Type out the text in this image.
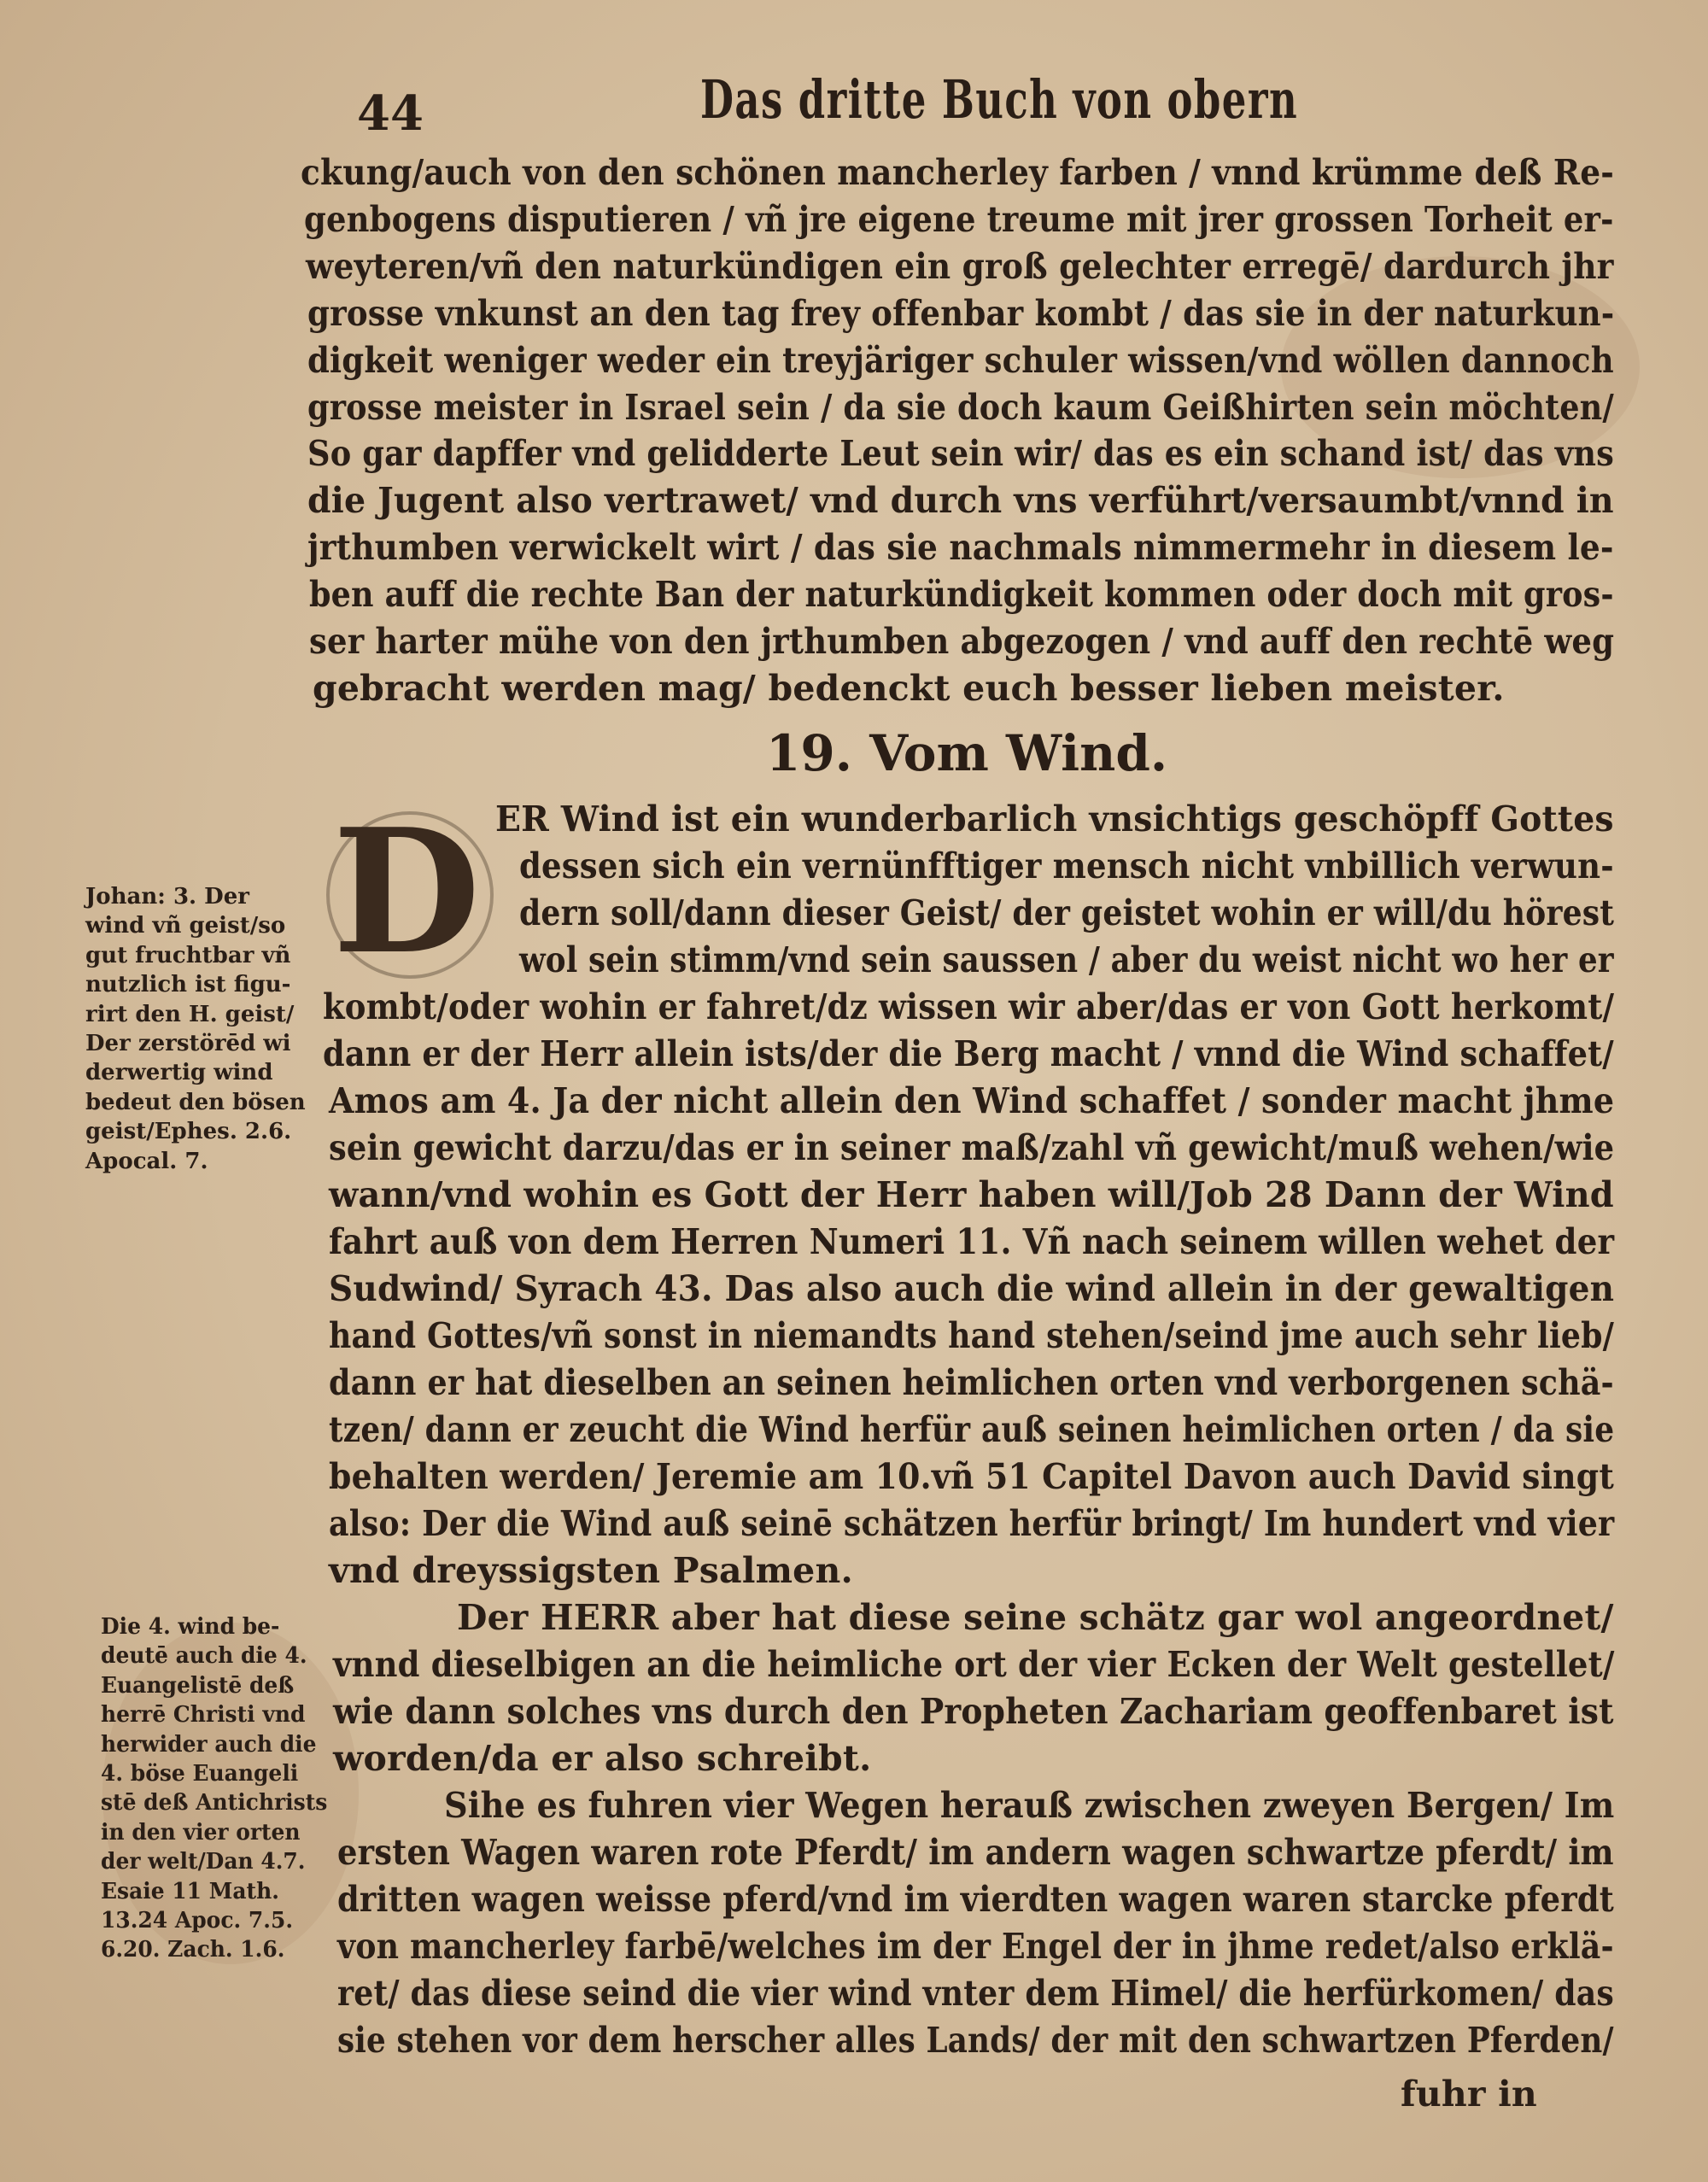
44	Das dritte Buch von obern
ckung/auch von den schönen mancherley farben / vnnd krümme deß Re-
genbogens disputieren / vñ jre eigene treume mit jrer grossen Torheit er-
weyteren/vñ den naturkündigen ein groß gelechter erregē/ dardurch jhr
grosse vnkunst an den tag frey offenbar kombt / das sie in der naturkun-
digkeit weniger weder ein treyjäriger schuler wissen/vnd wöllen dannoch
grosse meister in Israel sein / da sie doch kaum Geißhirten sein möchten/
So gar dapffer vnd gelidderte Leut sein wir/ das es ein schand ist/ das vns
die Jugent also vertrawet/ vnd durch vns verführt/versaumbt/vnnd in
jrthumben verwickelt wirt / das sie nachmals nimmermehr in diesem le-
ben auff die rechte Ban der naturkündigkeit kommen oder doch mit gros-
ser harter mühe von den jrthumben abgezogen / vnd auff den rechtē weg
gebracht werden mag/ bedenckt euch besser lieben meister.
19. Vom Wind.
D ER Wind ist ein wunderbarlich vnsichtigs geschöpff Gottes
dessen sich ein vernünfftiger mensch nicht vnbillich verwun-
dern soll/dann dieser Geist/ der geistet wohin er will/du hörest
wol sein stimm/vnd sein saussen / aber du weist nicht wo her er
kombt/oder wohin er fahret/dz wissen wir aber/das er von Gott herkomt/
dann er der Herr allein ists/der die Berg macht / vnnd die Wind schaffet/
Amos am 4. Ja der nicht allein den Wind schaffet / sonder macht jhme
sein gewicht darzu/das er in seiner maß/zahl vñ gewicht/muß wehen/wie
wann/vnd wohin es Gott der Herr haben will/Job 28 Dann der Wind
fahrt auß von dem Herren Numeri 11. Vñ nach seinem willen wehet der
Sudwind/ Syrach 43. Das also auch die wind allein in der gewaltigen
hand Gottes/vñ sonst in niemandts hand stehen/seind jme auch sehr lieb/
dann er hat dieselben an seinen heimlichen orten vnd verborgenen schä-
tzen/ dann er zeucht die Wind herfür auß seinen heimlichen orten / da sie
behalten werden/ Jeremie am 10.vñ 51 Capitel Davon auch David singt
also: Der die Wind auß seinē schätzen herfür bringt/ Im hundert vnd vier
vnd dreyssigsten Psalmen.
Der HERR aber hat diese seine schätz gar wol angeordnet/
vnnd dieselbigen an die heimliche ort der vier Ecken der Welt gestellet/
wie dann solches vns durch den Propheten Zachariam geoffenbaret ist
worden/da er also schreibt.
Sihe es fuhren vier Wegen herauß zwischen zweyen Bergen/ Im
ersten Wagen waren rote Pferdt/ im andern wagen schwartze pferdt/ im
dritten wagen weisse pferd/vnd im vierdten wagen waren starcke pferdt
von mancherley farbē/welches im der Engel der in jhme redet/also erklä-
ret/ das diese seind die vier wind vnter dem Himel/ die herfürkomen/ das
sie stehen vor dem herscher alles Lands/ der mit den schwartzen Pferden/
fuhr in
Johan: 3. Der
wind vñ geist/so
gut fruchtbar vñ
nutzlich ist figu-
rirt den H. geist/
Der zerstörēd wi
derwertig wind
bedeut den bösen
geist/Ephes. 2.6.
Apocal. 7.
Die 4. wind be-
deutē auch die 4.
Euangelistē deß
herrē Christi vnd
herwider auch die
4. böse Euangeli
stē deß Antichrists
in den vier orten
der welt/Dan 4.7.
Esaie 11 Math.
13.24 Apoc. 7.5.
6.20. Zach. 1.6.
